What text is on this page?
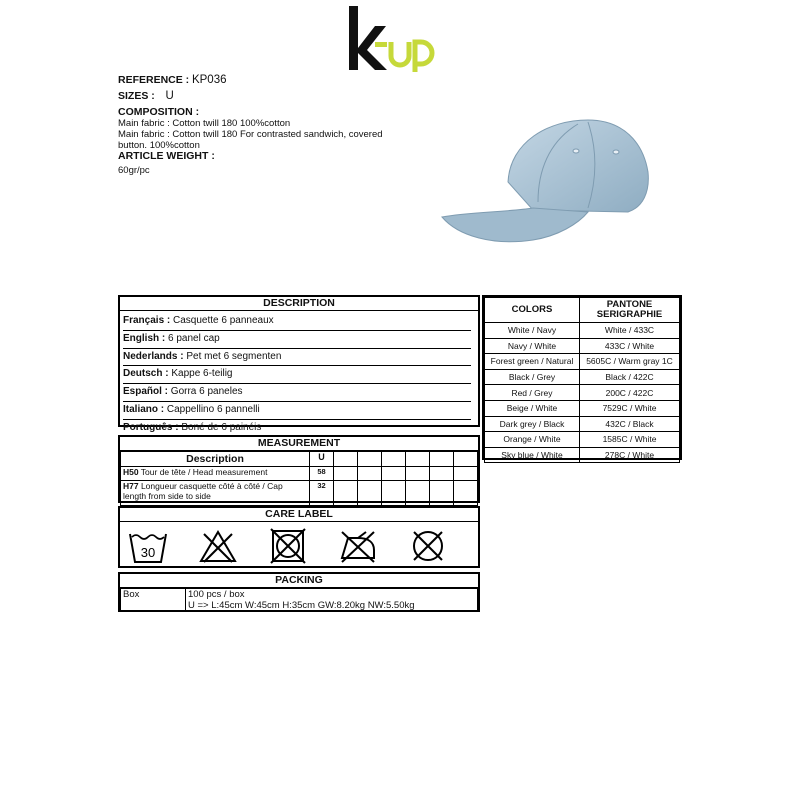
REFERENCE : KP036
SIZES : U
COMPOSITION :
Main fabric : Cotton twill 180 100%cotton
Main fabric : Cotton twill 180 For contrasted sandwich, covered
button. 100%cotton
ARTICLE WEIGHT :
60gr/pc
DESCRIPTION
Français : Casquette 6 panneaux
English : 6 panel cap
Nederlands : Pet met 6 segmenten
Deutsch : Kappe 6-teilig
Español : Gorra 6 paneles
Italiano : Cappellino 6 pannelli
Português : Boné de 6 painéis
COLORS	PANTONE
SERIGRAPHIE
White / Navy	White / 433C
Navy / White	433C / White
Forest green / Natural	5605C / Warm gray 1C
Black / Grey	Black / 422C
Red / Grey	200C / 422C
Beige / White	7529C / White
Dark grey / Black	432C / Black
Orange / White	1585C / White
Sky blue / White	278C / White
MEASUREMENT
Description	U						
H50 Tour de tête / Head measurement	58						
H77 Longueur casquette côté à côté / Cap length from side to side	32						
CARE LABEL
30
PACKING
Box	100 pcs / box
U => L:45cm W:45cm H:35cm GW:8.20kg NW:5.50kg
